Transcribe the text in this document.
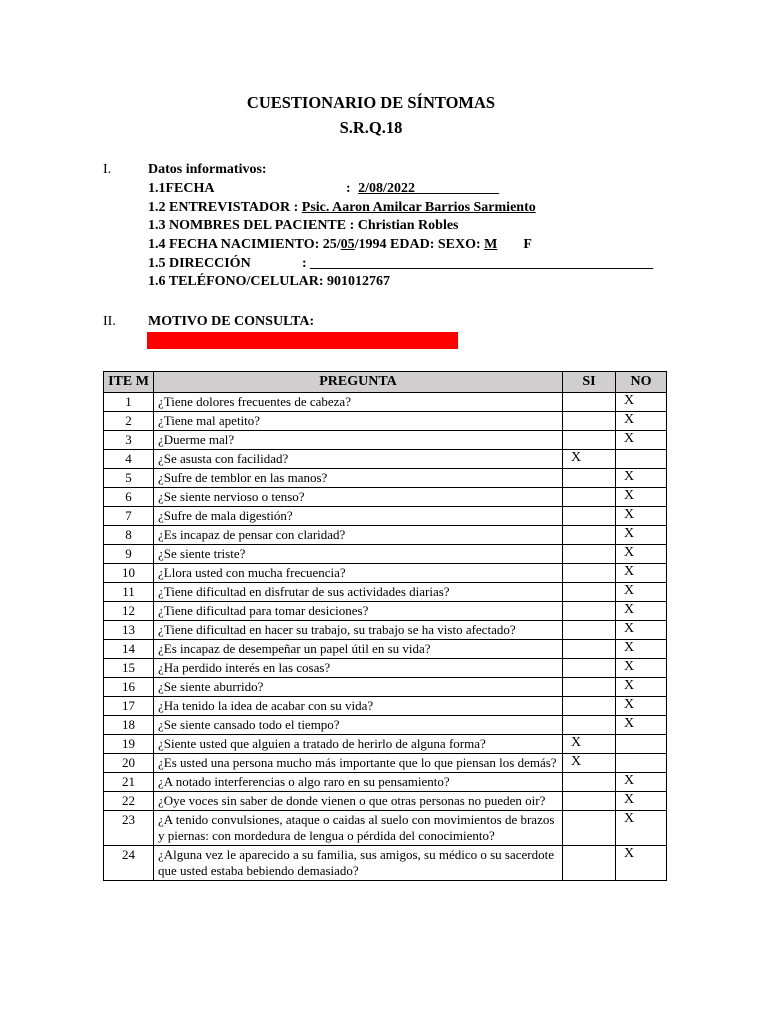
CUESTIONARIO DE SÍNTOMAS
S.R.Q.18
I.	Datos informativos:
1.1FECHA	: 2/08/2022____________
1.2 ENTREVISTADOR : Psic. Aaron Amilcar Barrios Sarmiento
1.3 NOMBRES DEL PACIENTE : Christian Robles
1.4 FECHA NACIMIENTO: 25/05/1994 EDAD: SEXO: M F
1.5 DIRECCIÓN	: _________________________________________________
1.6 TELÉFONO/CELULAR: 901012767
II. MOTIVO DE CONSULTA:
ITE M	PREGUNTA	SI	NO
1	¿Tiene dolores frecuentes de cabeza?		X
2	¿Tiene mal apetito?		X
3	¿Duerme mal?		X
4	¿Se asusta con facilidad?	X	
5	¿Sufre de temblor en las manos?		X
6	¿Se siente nervioso o tenso?		X
7	¿Sufre de mala digestión?		X
8	¿Es incapaz de pensar con claridad?		X
9	¿Se siente triste?		X
10	¿Llora usted con mucha frecuencia?		X
11	¿Tiene dificultad en disfrutar de sus actividades diarias?		X
12	¿Tiene dificultad para tomar desiciones?		X
13	¿Tiene dificultad en hacer su trabajo, su trabajo se ha visto afectado?		X
14	¿Es incapaz de desempeñar un papel útil en su vida?		X
15	¿Ha perdido interés en las cosas?		X
16	¿Se siente aburrido?		X
17	¿Ha tenido la idea de acabar con su vida?		X
18	¿Se siente cansado todo el tiempo?		X
19	¿Siente usted que alguien a tratado de herirlo de alguna forma?	X	
20	¿Es usted una persona mucho más importante que lo que piensan los demás?	X	
21	¿A notado interferencias o algo raro en su pensamiento?		X
22	¿Oye voces sin saber de donde vienen o que otras personas no pueden oir?		X
23	¿A tenido convulsiones, ataque o caidas al suelo con movimientos de brazos y piernas: con mordedura de lengua o pérdida del conocimiento?		X
24	¿Alguna vez le aparecido a su familia, sus amigos, su médico o su sacerdote que usted estaba bebiendo demasiado?		X
